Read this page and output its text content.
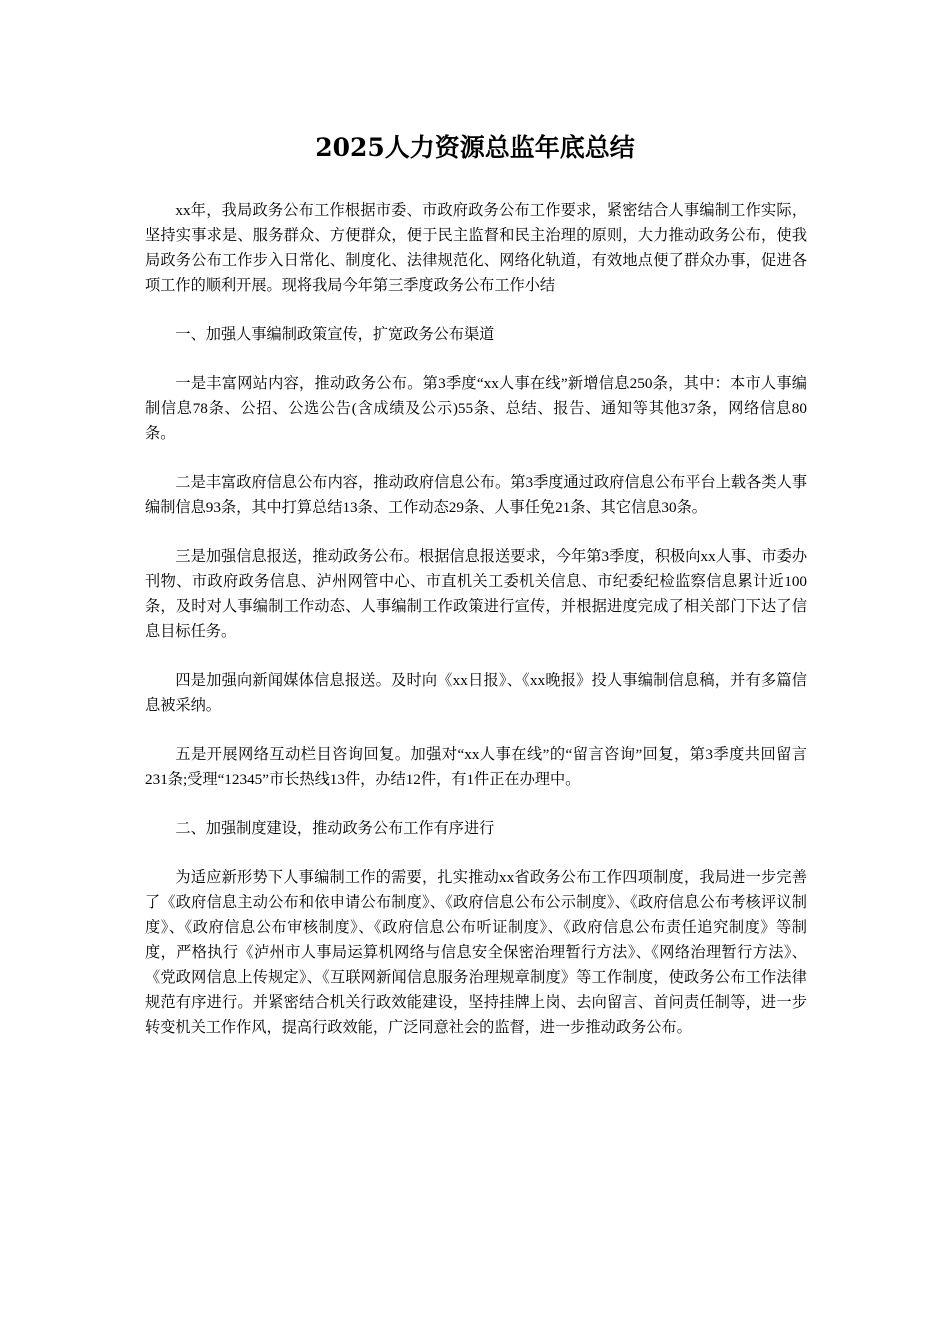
2025人力资源总监年底总结

xx年，我局政务公布工作根据市委、市政府政务公布工作要求，紧密结合人事编制工作实际，坚持实事求是、服务群众、方便群众，便于民主监督和民主治理的原则，大力推动政务公布，使我局政务公布工作步入日常化、制度化、法律规范化、网络化轨道，有效地点便了群众办事，促进各项工作的顺利开展。现将我局今年第三季度政务公布工作小结

一、加强人事编制政策宣传，扩宽政务公布渠道

一是丰富网站内容，推动政务公布。第3季度“xx人事在线”新增信息250条，其中：本市人事编制信息78条、公招、公选公告(含成绩及公示)55条、总结、报告、通知等其他37条，网络信息80条。

二是丰富政府信息公布内容，推动政府信息公布。第3季度通过政府信息公布平台上载各类人事编制信息93条，其中打算总结13条、工作动态29条、人事任免21条、其它信息30条。

三是加强信息报送，推动政务公布。根据信息报送要求，今年第3季度，积极向xx人事、市委办刊物、市政府政务信息、泸州网管中心、市直机关工委机关信息、市纪委纪检监察信息累计近100条，及时对人事编制工作动态、人事编制工作政策进行宣传，并根据进度完成了相关部门下达了信息目标任务。

四是加强向新闻媒体信息报送。及时向《xx日报》、《xx晚报》投人事编制信息稿，并有多篇信息被采纳。

五是开展网络互动栏目咨询回复。加强对“xx人事在线”的“留言咨询”回复，第3季度共回留言231条;受理“12345”市长热线13件，办结12件，有1件正在办理中。

二、加强制度建设，推动政务公布工作有序进行

为适应新形势下人事编制工作的需要，扎实推动xx省政务公布工作四项制度，我局进一步完善了《政府信息主动公布和依申请公布制度》、《政府信息公布公示制度》、《政府信息公布考核评议制度》、《政府信息公布审核制度》、《政府信息公布听证制度》、《政府信息公布责任追究制度》等制度，严格执行《泸州市人事局运算机网络与信息安全保密治理暂行方法》、《网络治理暂行方法》、《党政网信息上传规定》、《互联网新闻信息服务治理规章制度》等工作制度，使政务公布工作法律规范有序进行。并紧密结合机关行政效能建设，坚持挂牌上岗、去向留言、首问责任制等，进一步转变机关工作作风，提高行政效能，广泛同意社会的监督，进一步推动政务公布。
